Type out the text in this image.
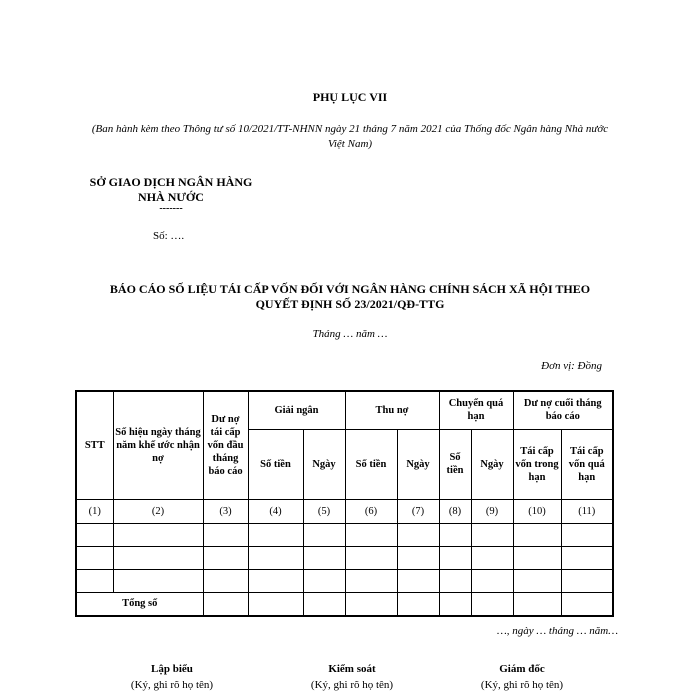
PHỤ LỤC VII
(Ban hành kèm theo Thông tư số 10/2021/TT-NHNN ngày 21 tháng 7 năm 2021 của Thống đốc Ngân hàng Nhà nước Việt Nam)
SỞ GIAO DỊCH NGÂN HÀNG
NHÀ NƯỚC
-------
Số: ….
BÁO CÁO SỐ LIỆU TÁI CẤP VỐN ĐỐI VỚI NGÂN HÀNG CHÍNH SÁCH XÃ HỘI THEO QUYẾT ĐỊNH SỐ 23/2021/QĐ-TTG
Tháng … năm …
Đơn vị: Đồng
STT	Số hiệu ngày tháng năm khế ước nhận nợ	Dư nợ tái cấp vốn đầu tháng báo cáo	Giải ngân		Thu nợ		Chuyển quá hạn		Dư nợ cuối tháng báo cáo	
			Số tiền	Ngày	Số tiền	Ngày	Số tiền	Ngày	Tái cấp vốn trong hạn	Tái cấp vốn quá hạn
(1)	(2)	(3)	(4)	(5)	(6)	(7)	(8)	(9)	(10)	(11)

Tổng số										
…, ngày … tháng … năm…
Lập biểu
(Ký, ghi rõ họ tên)
Kiểm soát
(Ký, ghi rõ họ tên)
Giám đốc
(Ký, ghi rõ họ tên)
